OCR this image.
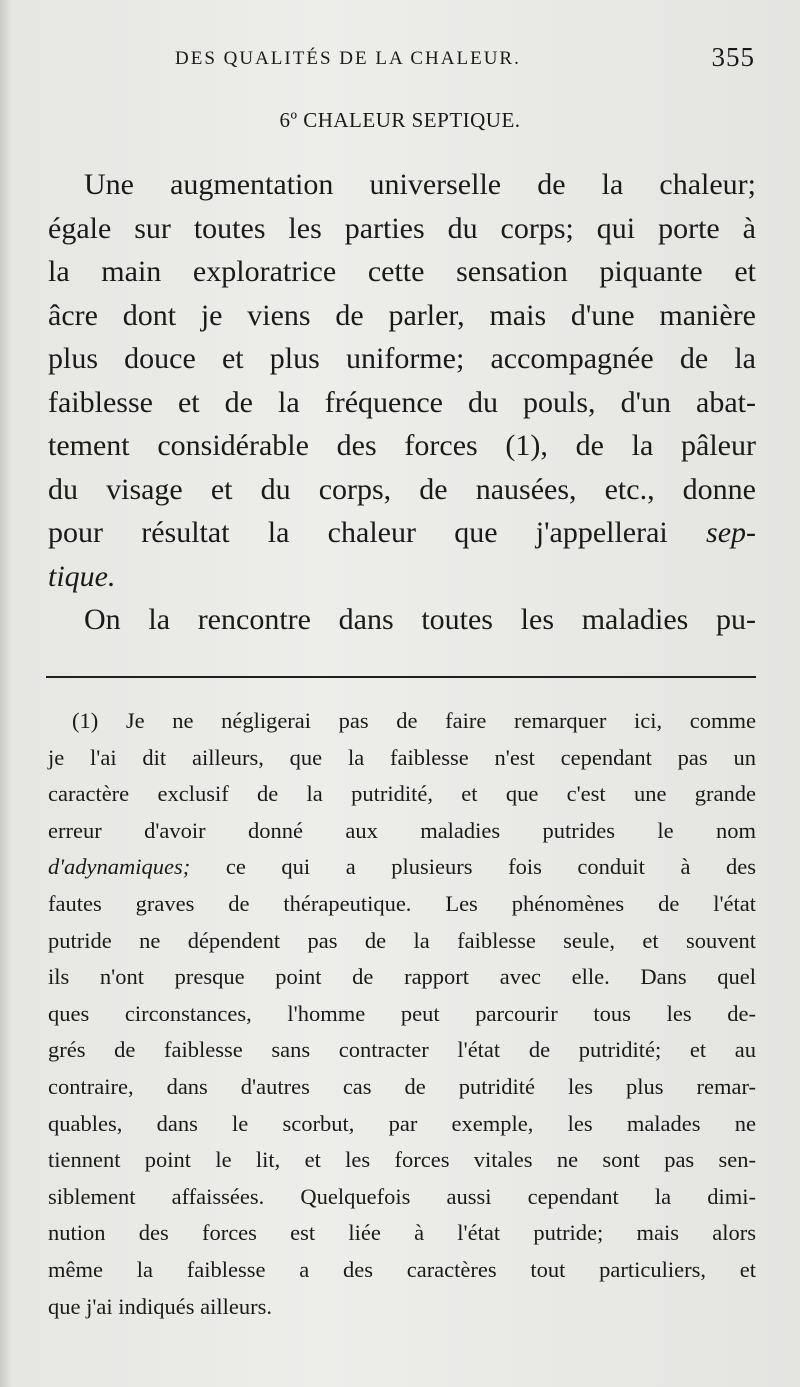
DES QUALITÉS DE LA CHALEUR.	355
6º CHALEUR SEPTIQUE.
Une augmentation universelle de la chaleur;
égale sur toutes les parties du corps; qui porte à
la main exploratrice cette sensation piquante et
âcre dont je viens de parler, mais d'une manière
plus douce et plus uniforme; accompagnée de la
faiblesse et de la fréquence du pouls, d'un abat-
tement considérable des forces (1), de la pâleur
du visage et du corps, de nausées, etc., donne
pour résultat la chaleur que j'appellerai sep-
tique.
On la rencontre dans toutes les maladies pu-
(1) Je ne négligerai pas de faire remarquer ici, comme
je l'ai dit ailleurs, que la faiblesse n'est cependant pas un
caractère exclusif de la putridité, et que c'est une grande
erreur d'avoir donné aux maladies putrides le nom
d'adynamiques; ce qui a plusieurs fois conduit à des
fautes graves de thérapeutique. Les phénomènes de l'état
putride ne dépendent pas de la faiblesse seule, et souvent
ils n'ont presque point de rapport avec elle. Dans quel
ques circonstances, l'homme peut parcourir tous les de-
grés de faiblesse sans contracter l'état de putridité; et au
contraire, dans d'autres cas de putridité les plus remar-
quables, dans le scorbut, par exemple, les malades ne
tiennent point le lit, et les forces vitales ne sont pas sen-
siblement affaissées. Quelquefois aussi cependant la dimi-
nution des forces est liée à l'état putride; mais alors
même la faiblesse a des caractères tout particuliers, et
que j'ai indiqués ailleurs.
